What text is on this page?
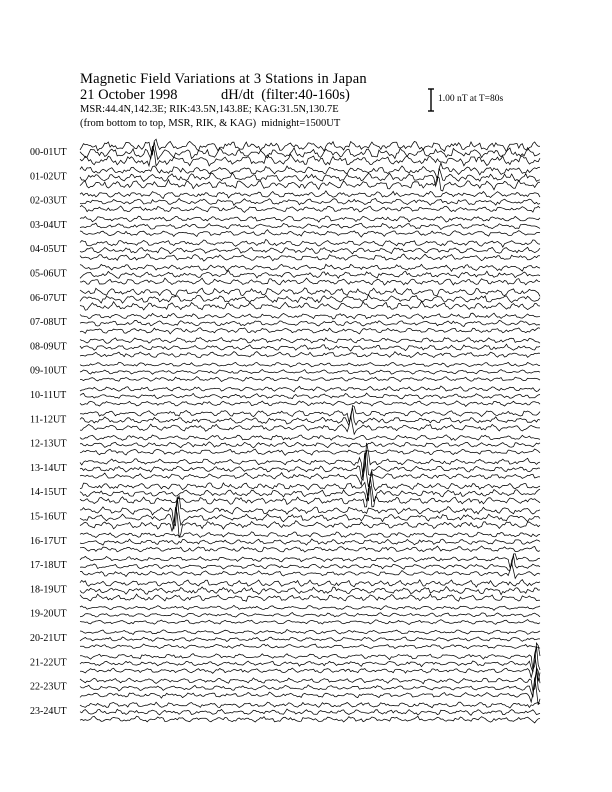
Magnetic Field Variations at 3 Stations in Japan
21 October 1998	dH/dt  (filter:40-160s)
MSR:44.4N,142.3E; RIK:43.5N,143.8E; KAG:31.5N,130.7E
(from bottom to top, MSR, RIK, & KAG) midnight=1500UT
1.00 nT at T=80s
00-01UT
01-02UT
02-03UT
03-04UT
04-05UT
05-06UT
06-07UT
07-08UT
08-09UT
09-10UT
10-11UT
11-12UT
12-13UT
13-14UT
14-15UT
15-16UT
16-17UT
17-18UT
18-19UT
19-20UT
20-21UT
21-22UT
22-23UT
23-24UT
